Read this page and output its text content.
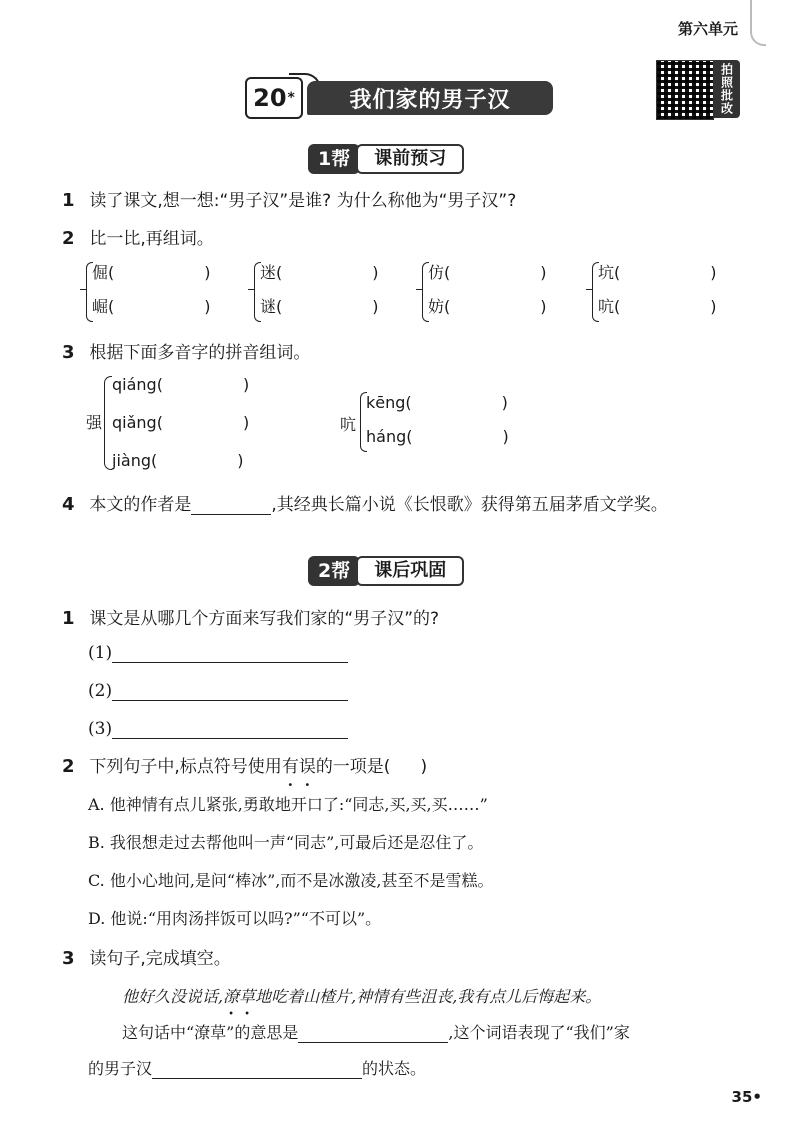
第六单元
20 *	我们家的男子汉	拍照批改
1帮	课前预习
1 读了课文,想一想:“男子汉”是谁? 为什么称他为“男子汉”?
2 比一比,再组词。
倔(	)
崛(	)
迷(	)
谜(	)
仿(	)
妨(	)
坑(	)
吭(	)
3 根据下面多音字的拼音组词。
强
qiáng(	)
qiǎng(	)
jiàng(	)
吭
kēng(	)
háng(	)
4 本文的作者是	,其经典长篇小说《长恨歌》获得第五届茅盾文学奖。
2帮	课后巩固
1 课文是从哪几个方面来写我们家的“男子汉”的?
(1)
(2)
(3)
2 下列句子中,标点符号使用有误的一项是( )
A. 他神情有点儿紧张,勇敢地开口了:“同志,买,买,买……”
B. 我很想走过去帮他叫一声“同志”,可最后还是忍住了。
C. 他小心地问,是问“棒冰”,而不是冰激凌,甚至不是雪糕。
D. 他说:“用肉汤拌饭可以吗?”“不可以”。
3 读句子,完成填空。
他好久没说话,潦草地吃着山楂片,神情有些沮丧,我有点儿后悔起来。
这句话中“潦草”的意思是	,这个词语表现了“我们”家
的男子汉	的状态。
35•
